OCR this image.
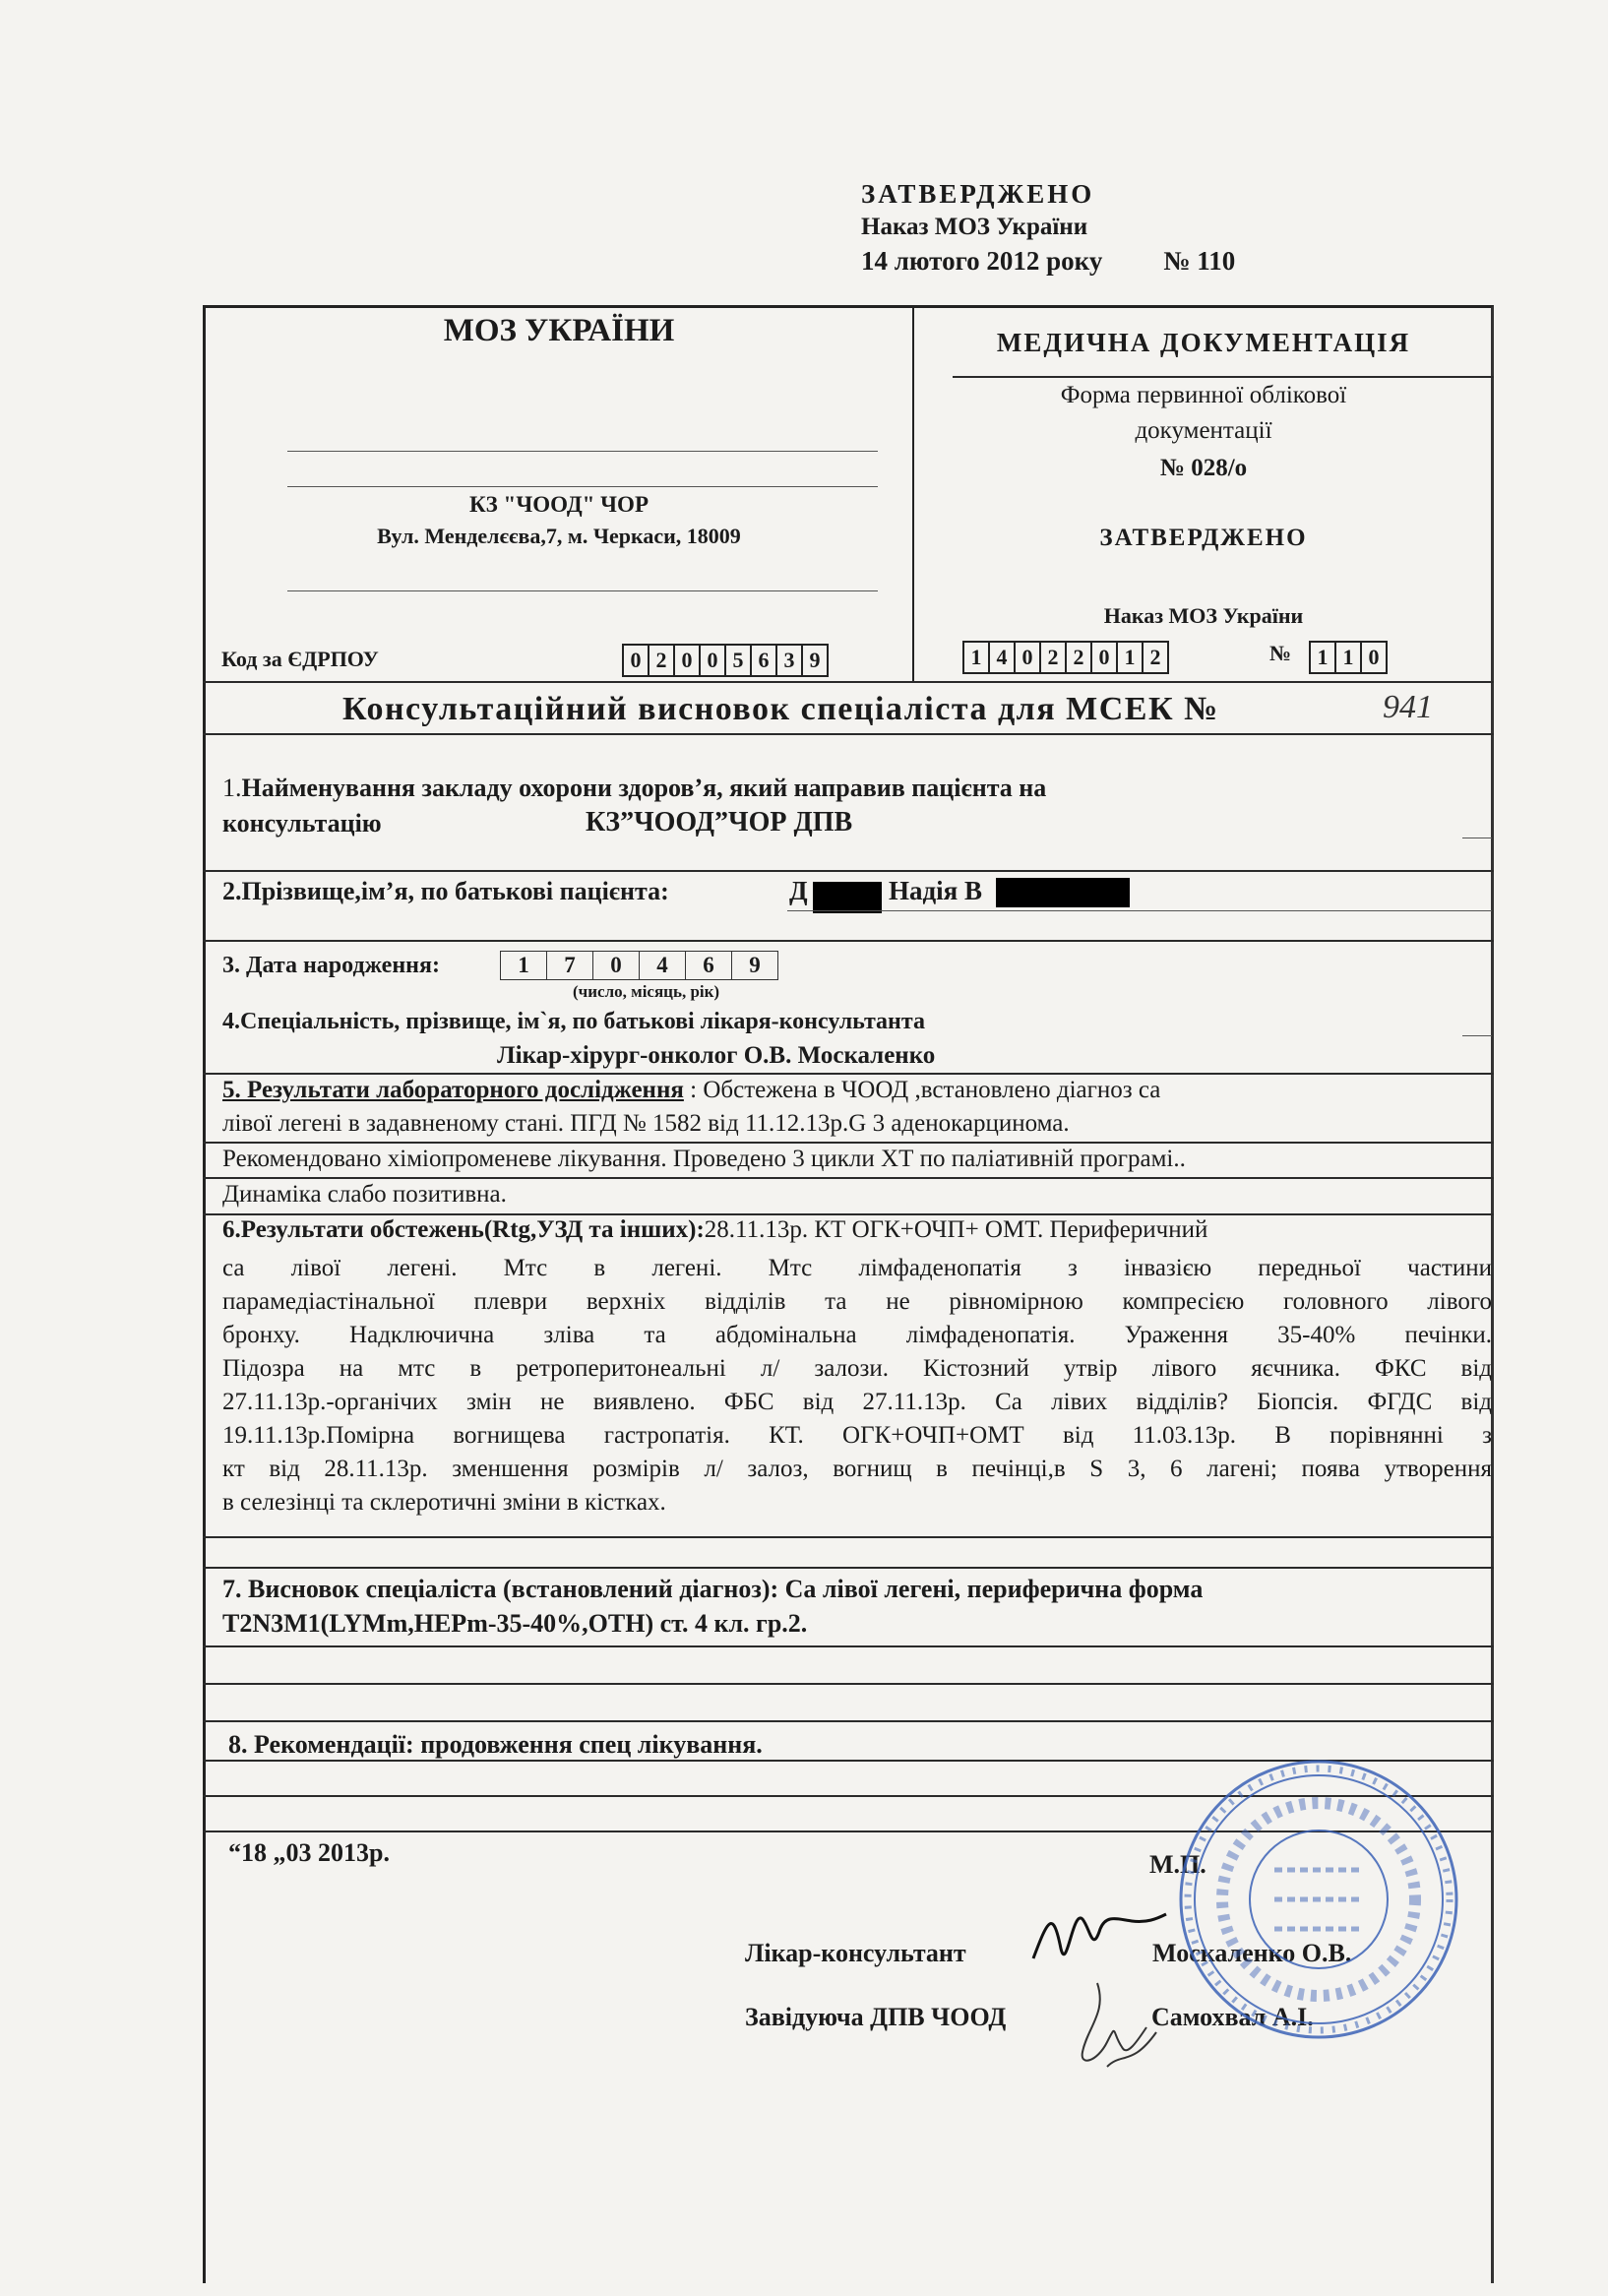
ЗАТВЕРДЖЕНО
Наказ МОЗ України
14 лютого 2012 року № 110
МОЗ УКРАЇНИ
КЗ "ЧООД" ЧОР
Вул. Менделєєва,7, м. Черкаси, 18009
Код за ЄДРПОУ	0 2 0 0 5 6 3 9
МЕДИЧНА ДОКУМЕНТАЦІЯ
Форма первинної облікової
документації
№ 028/о
ЗАТВЕРДЖЕНО
Наказ МОЗ України
1 4 0 2 2 0 1 2	№ 1 1 0
Консультаційний висновок спеціаліста для МСЕК №	941
1.Найменування закладу охорони здоров’я, який направив пацієнта на
консультацію	КЗ”ЧООД”ЧОР ДПВ
2.Прізвище,ім’я, по батькові пацієнта:	Д	Надія В
3. Дата народження:	1	7	0	4	6	9
(число, місяць, рік)
4.Спеціальність, прізвище, ім`я, по батькові лікаря-консультанта
Лікар-хірург-онколог О.В. Москаленко
5. Результати лабораторного дослідження : Обстежена в ЧООД ,встановлено діагноз са
лівої легені в задавненому стані. ПГД № 1582 від 11.12.13р.G 3 аденокарцинома.
Рекомендовано хіміопроменеве лікування. Проведено 3 цикли ХТ по паліативній програмі..
Динаміка слабо позитивна.
6.Результати обстежень(Rtg,УЗД та інших):28.11.13р. КТ ОГК+ОЧП+ ОМТ. Периферичний
са лівої легені. Мтс в легені. Мтс лімфаденопатія з інвазією передньої частини
парамедіастінальної плеври верхніх відділів та не рівномірною компресією головного лівого
бронху. Надключична зліва та абдомінальна лімфаденопатія. Ураження 35-40% печінки.
Підозра на мтс в ретроперитонеальні л/ залози. Кістозний утвір лівого яєчника. ФКС від
27.11.13р.-органічих змін не виявлено. ФБС від 27.11.13р. Са лівих відділів? Біопсія. ФГДС від
19.11.13р.Помірна вогнищева гастропатія. КТ. ОГК+ОЧП+ОМТ від 11.03.13р. В порівнянні з
кт від 28.11.13р. зменшення розмірів л/ залоз, вогнищ в печінці,в S 3, 6 лагені; поява утворення
в селезінці та склеротичні зміни в кістках.
7. Висновок спеціаліста (встановлений діагноз): Са лівої легені, периферична форма
T2N3M1(LYMm,HEPm-35-40%,OTH) ст. 4 кл. гр.2.
8. Рекомендації: продовження спец лікування.
“18 „03 2013р.	М.П.
Лікар-консультант	Москаленко О.В.
Завідуюча ДПВ ЧООД	Самохвал А.І.
